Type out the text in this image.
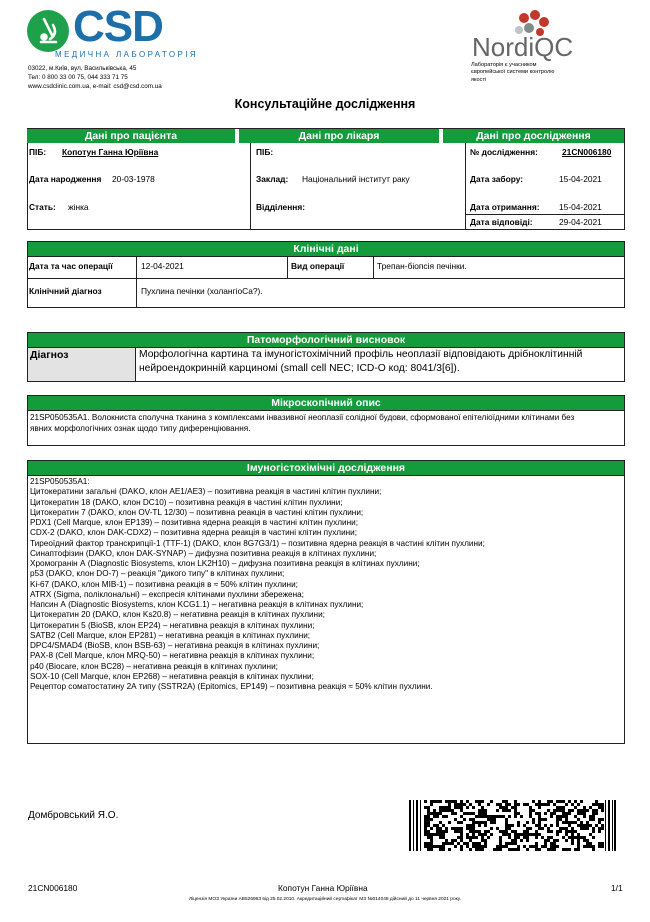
CSD
МЕДИЧНА ЛАБОРАТОРІЯ
03022, м.Київ, вул. Васильківська, 45
Тел: 0 800 33 00 75, 044 333 71 75
www.csdclinic.com.ua, e-mail: csd@csd.com.ua
NordiQC
Лабораторія є учасником європейської системи контролю якості
Консультаційне дослідження
Дані про пацієнта	Дані про лікаря	Дані про дослідження
ПІБ: Копотун Ганна Юріївна
Дата народження 20-03-1978
Стать: жінка
ПІБ:
Заклад: Національний інститут раку
Відділення:
№ дослідження:	21CN006180
Дата забору:	15-04-2021
Дата отримання: 15-04-2021
Дата відповіді:	29-04-2021
Клінічні дані
Дата та час операції	12-04-2021	Вид операції	Трепан-біопсія печінки.
Клінічний діагноз	Пухлина печінки (холангіоСа?).
Патоморфологічний висновок
Діагноз	Морфологічна картина та імуногістохімічний профіль неоплазії відповідають дрібноклітинній
нейроендокринній карциномі (small cell NEC; ICD-O код: 8041/3[6]).
Мікроскопічний опис
21SP050535A1. Волокниста сполучна тканина з комплексами інвазивної неоплазії солідної будови, сформованої епітеліоїдними клітинами без
явних морфологічних ознак щодо типу диференціювання.
Імуногістохімічні дослідження
21SP050535A1:
Цитокератини загальні (DAKO, клон AE1/AE3) – позитивна реакція в частині клітин пухлини;
Цитокератин 18 (DAKO, клон DC10) – позитивна реакція в частині клітин пухлини;
Цитокератин 7 (DAKO, клон OV-TL 12/30) – позитивна реакція в частині клітин пухлини;
PDX1 (Cell Marque, клон EP139) – позитивна ядерна реакція в частині клітин пухлини;
CDX-2 (DAKO, клон DAK-CDX2) – позитивна ядерна реакція в частині клітин пухлини;
Тиреоїдний фактор транскрипції-1 (TTF-1) (DAKO, клон 8G7G3/1) – позитивна ядерна реакція в частині клітин пухлини;
Синаптофізин (DAKO, клон DAK-SYNAP) – дифузна позитивна реакція в клітинах пухлини;
Хромогранін А (Diagnostic Biosystems, клон LK2H10) – дифузна позитивна реакція в клітинах пухлини;
p53 (DAKO, клон DO-7) – реакція "дикого типу" в клітинах пухлини;
Ki-67 (DAKO, клон MIB-1) – позитивна реакція в ≈ 50% клітин пухлини;
ATRX (Sigma, поліклональні) – експресія клітинами пухлини збережена;
Напсин А (Diagnostic Biosystems, клон KCG1.1) – негативна реакція в клітинах пухлини;
Цитокератин 20 (DAKO, клон Ks20.8) – негативна реакція в клітинах пухлини;
Цитокератин 5 (BioSB, клон EP24) – негативна реакція в клітинах пухлини;
SATB2 (Cell Marque, клон EP281) – негативна реакція в клітинах пухлини;
DPC4/SMAD4 (BioSB, клон BSB-63) – негативна реакція в клітинах пухлини;
PAX-8 (Cell Marque, клон MRQ-50) – негативна реакція в клітинах пухлини;
p40 (Biocare, клон BC28) – негативна реакція в клітинах пухлини;
SOX-10 (Cell Marque, клон EP268) – негативна реакція в клітинах пухлини;
Рецептор соматостатину 2А типу (SSTR2A) (Epitomics, EP149) – позитивна реакція ≈ 50% клітин пухлини.
Домбровський Я.О.
21CN006180	Копотун Ганна Юріївна	1/1
Ліцензія МОЗ України АВ526963 від 25.02.2010. Акредитаційний сертифікат МЗ №014048 дійсний до 11 червня 2021 року.
